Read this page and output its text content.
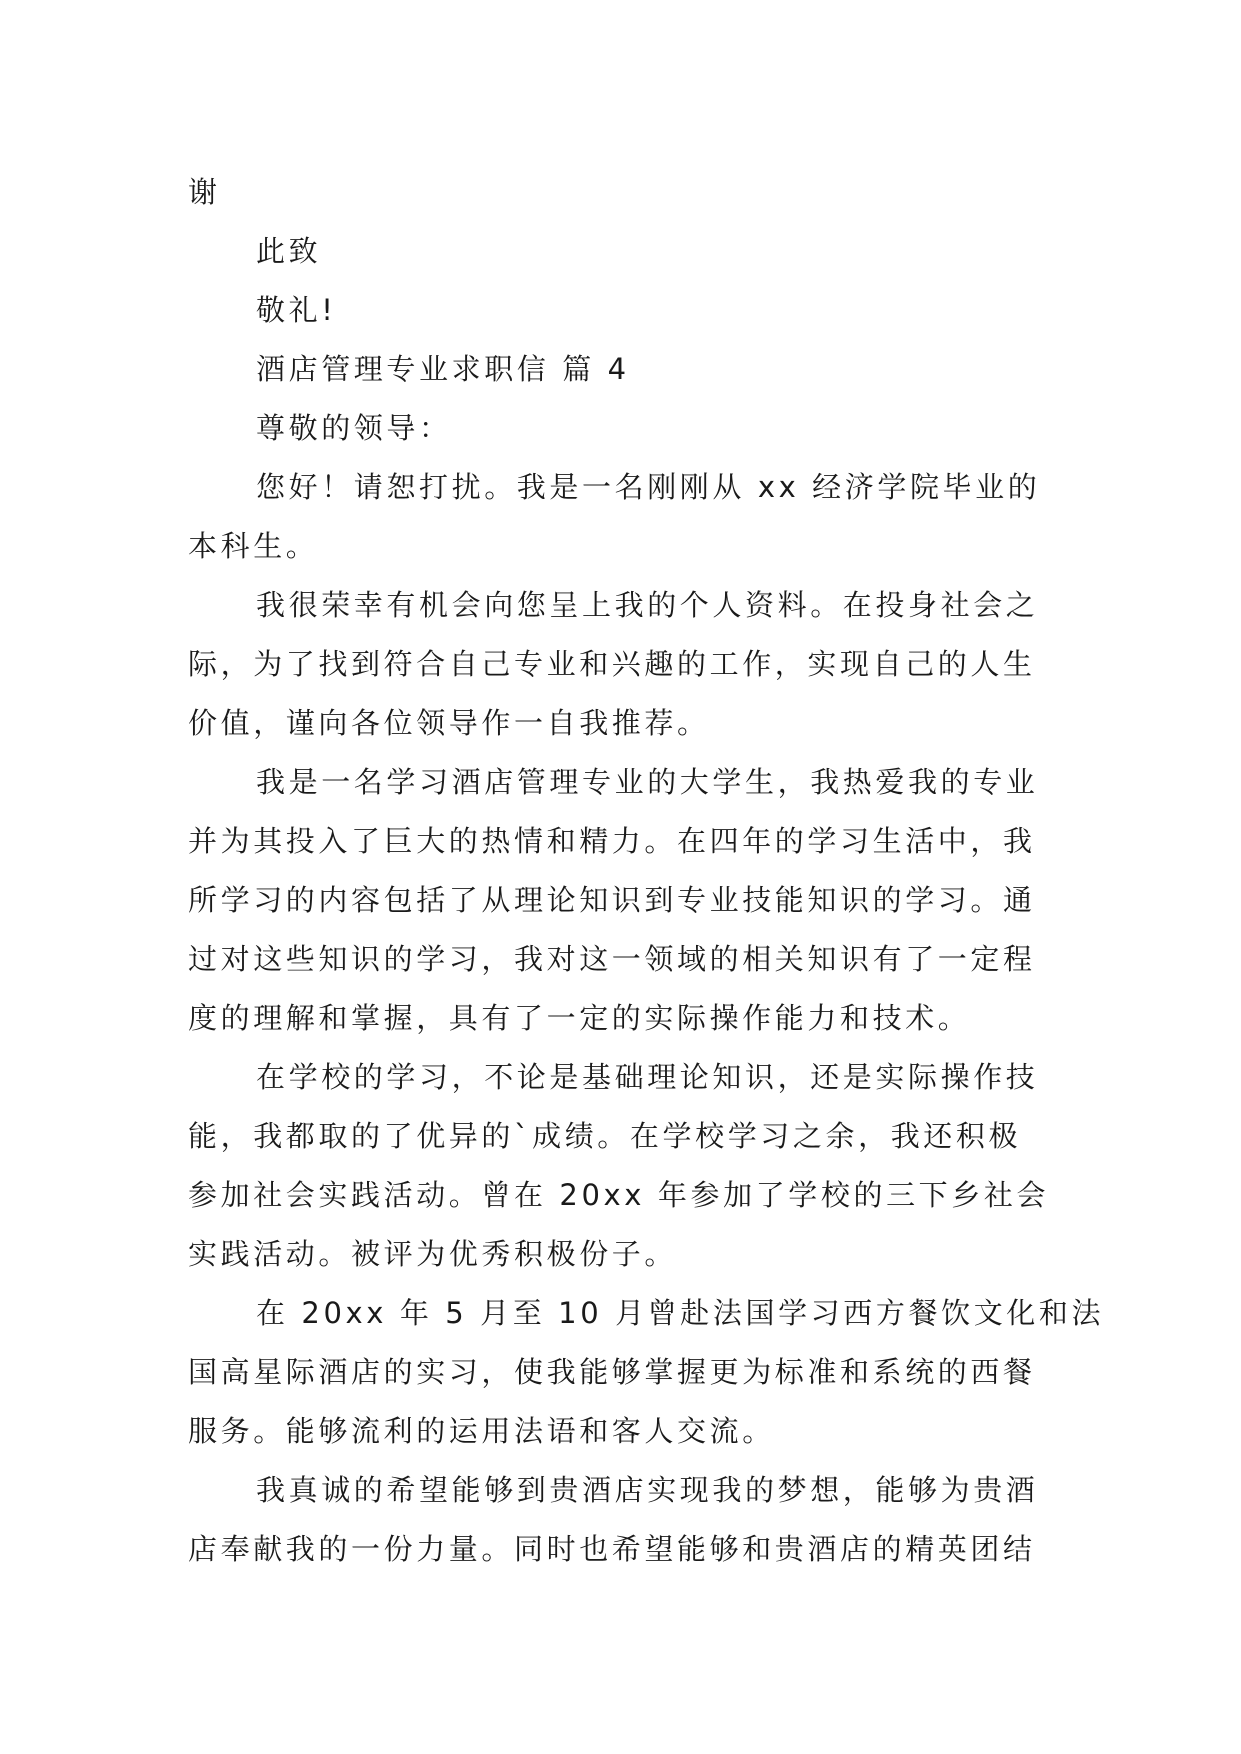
谢
此致
敬礼!
酒店管理专业求职信 篇 4
尊敬的领导：
您好！请恕打扰。我是一名刚刚从 xx 经济学院毕业的
本科生。
我很荣幸有机会向您呈上我的个人资料。在投身社会之
际，为了找到符合自己专业和兴趣的工作，实现自己的人生
价值，谨向各位领导作一自我推荐。
我是一名学习酒店管理专业的大学生，我热爱我的专业
并为其投入了巨大的热情和精力。在四年的学习生活中，我
所学习的内容包括了从理论知识到专业技能知识的学习。通
过对这些知识的学习，我对这一领域的相关知识有了一定程
度的理解和掌握，具有了一定的实际操作能力和技术。
在学校的学习，不论是基础理论知识，还是实际操作技
能，我都取的了优异的`成绩。在学校学习之余，我还积极
参加社会实践活动。曾在 20xx 年参加了学校的三下乡社会
实践活动。被评为优秀积极份子。
在 20xx 年 5 月至 10 月曾赴法国学习西方餐饮文化和法
国高星际酒店的实习，使我能够掌握更为标准和系统的西餐
服务。能够流利的运用法语和客人交流。
我真诚的希望能够到贵酒店实现我的梦想，能够为贵酒
店奉献我的一份力量。同时也希望能够和贵酒店的精英团结
